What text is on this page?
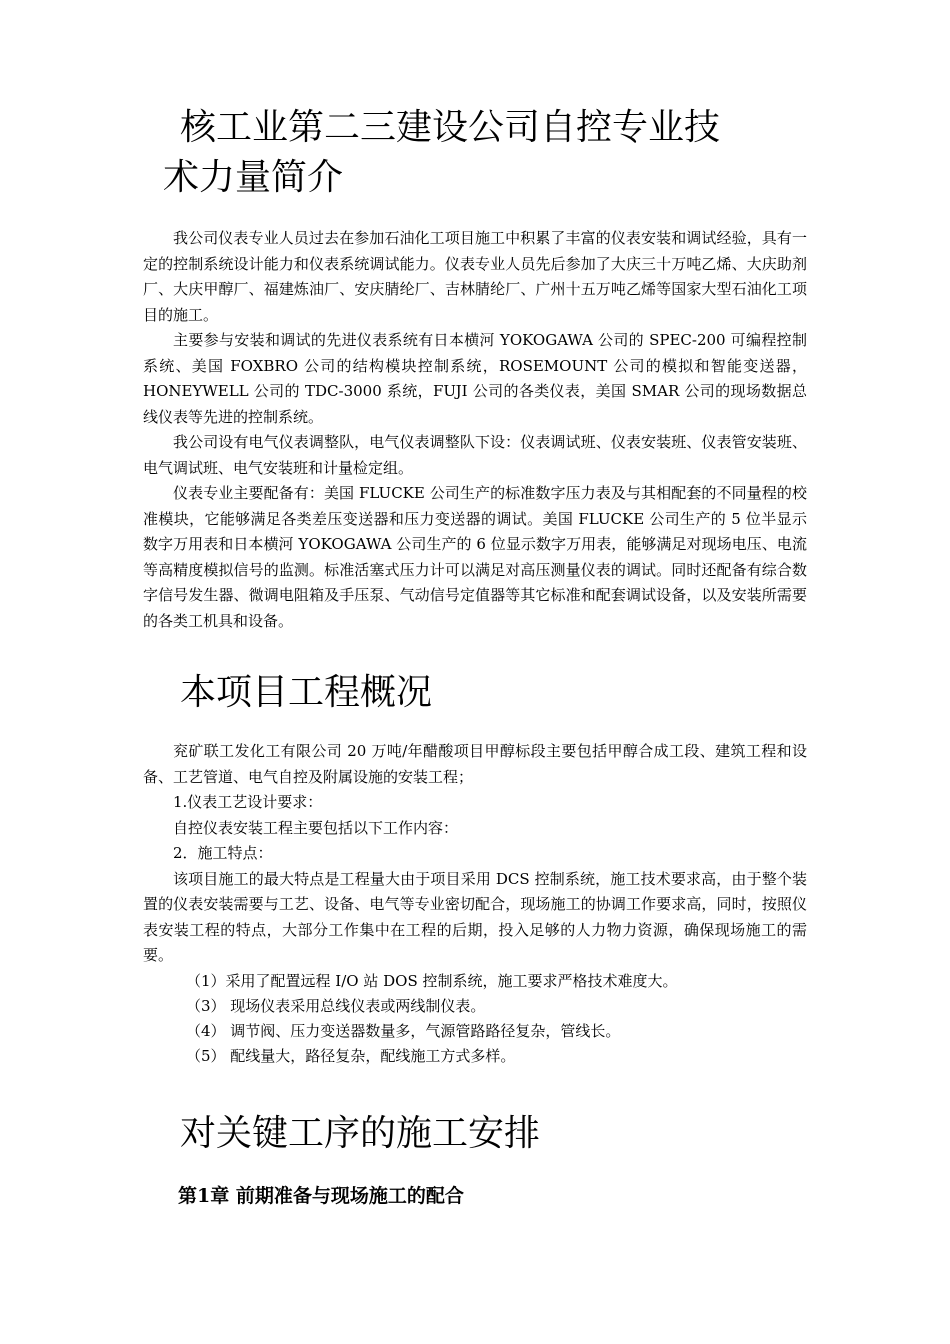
核工业第二三建设公司自控专业技
术力量简介

我公司仪表专业人员过去在参加石油化工项目施工中积累了丰富的仪表安装和调试经验，具有一定的控制系统设计能力和仪表系统调试能力。仪表专业人员先后参加了大庆三十万吨乙烯、大庆助剂厂、大庆甲醇厂、福建炼油厂、安庆腈纶厂、吉林腈纶厂、广州十五万吨乙烯等国家大型石油化工项目的施工。

主要参与安装和调试的先进仪表系统有日本横河 YOKOGAWA 公司的 SPEC-200 可编程控制系统、美国 FOXBRO 公司的结构模块控制系统，ROSEMOUNT 公司的模拟和智能变送器，HONEYWELL 公司的 TDC-3000 系统，FUJI 公司的各类仪表，美国 SMAR 公司的现场数据总线仪表等先进的控制系统。

我公司设有电气仪表调整队，电气仪表调整队下设：仪表调试班、仪表安装班、仪表管安装班、电气调试班、电气安装班和计量检定组。

仪表专业主要配备有：美国 FLUCKE 公司生产的标准数字压力表及与其相配套的不同量程的校准模块，它能够满足各类差压变送器和压力变送器的调试。美国 FLUCKE 公司生产的 5 位半显示数字万用表和日本横河 YOKOGAWA 公司生产的 6 位显示数字万用表，能够满足对现场电压、电流等高精度模拟信号的监测。标准活塞式压力计可以满足对高压测量仪表的调试。同时还配备有综合数字信号发生器、微调电阻箱及手压泵、气动信号定值器等其它标准和配套调试设备，以及安装所需要的各类工机具和设备。

本项目工程概况

兖矿联工发化工有限公司 20 万吨/年醋酸项目甲醇标段主要包括甲醇合成工段、建筑工程和设备、工艺管道、电气自控及附属设施的安装工程；

1.仪表工艺设计要求：

自控仪表安装工程主要包括以下工作内容：

2．施工特点：

该项目施工的最大特点是工程量大由于项目采用 DCS 控制系统，施工技术要求高，由于整个装置的仪表安装需要与工艺、设备、电气等专业密切配合，现场施工的协调工作要求高，同时，按照仪表安装工程的特点，大部分工作集中在工程的后期，投入足够的人力物力资源，确保现场施工的需要。

（1）采用了配置远程 I/O 站 DOS 控制系统，施工要求严格技术难度大。

（3） 现场仪表采用总线仪表或两线制仪表。

（4） 调节阀、压力变送器数量多，气源管路路径复杂，管线长。

（5） 配线量大，路径复杂，配线施工方式多样。

对关键工序的施工安排
第1章 前期准备与现场施工的配合
